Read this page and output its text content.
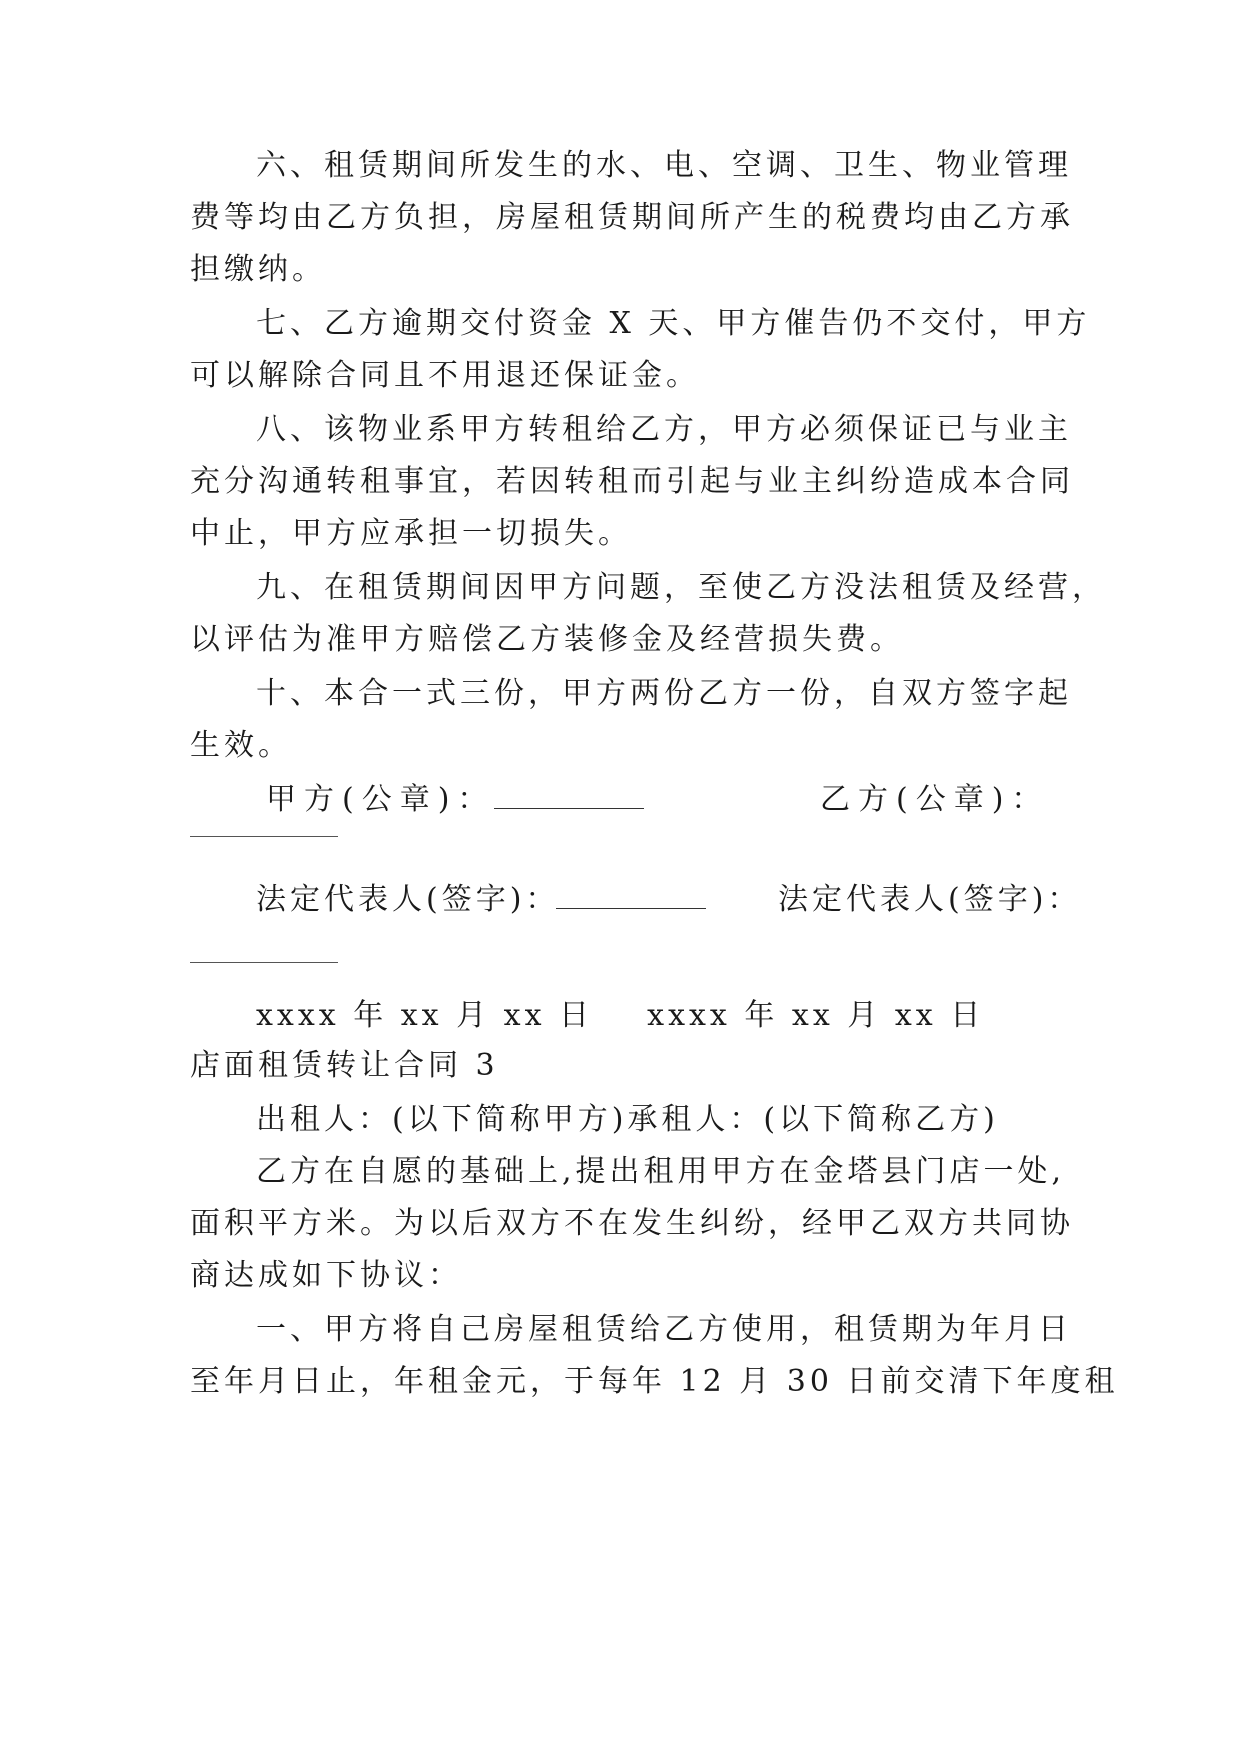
六、租赁期间所发生的水、电、空调、卫生、物业管理
费等均由乙方负担，房屋租赁期间所产生的税费均由乙方承
担缴纳。
七、乙方逾期交付资金 X 天、甲方催告仍不交付，甲方
可以解除合同且不用退还保证金。
八、该物业系甲方转租给乙方，甲方必须保证已与业主
充分沟通转租事宜，若因转租而引起与业主纠纷造成本合同
中止，甲方应承担一切损失。
九、在租赁期间因甲方问题，至使乙方没法租赁及经营，
以评估为准甲方赔偿乙方装修金及经营损失费。
十、本合一式三份，甲方两份乙方一份，自双方签字起
生效。
甲方(公章)：	乙方(公章)：
法定代表人(签字)：	法定代表人(签字)：
xxxx 年 xx 月 xx 日    xxxx 年 xx 月 xx 日
店面租赁转让合同 3
出租人：(以下简称甲方)承租人：(以下简称乙方)
乙方在自愿的基础上,提出租用甲方在金塔县门店一处,
面积平方米。为以后双方不在发生纠纷，经甲乙双方共同协
商达成如下协议：
一、甲方将自己房屋租赁给乙方使用，租赁期为年月日
至年月日止，年租金元，于每年 12 月 30 日前交清下年度租
